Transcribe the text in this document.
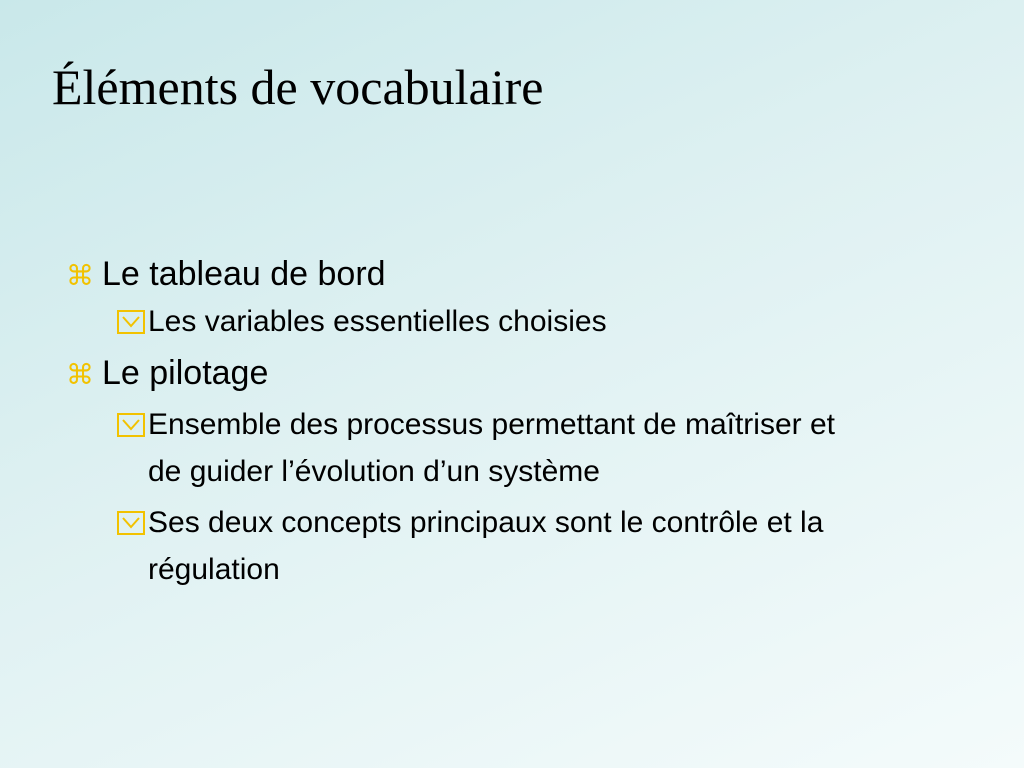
Éléments de vocabulaire
⌘ Le tableau de bord
Les variables essentielles choisies
⌘ Le pilotage
Ensemble des processus permettant de maîtriser et de guider l’évolution d’un système
Ses deux concepts principaux sont le contrôle et la régulation
